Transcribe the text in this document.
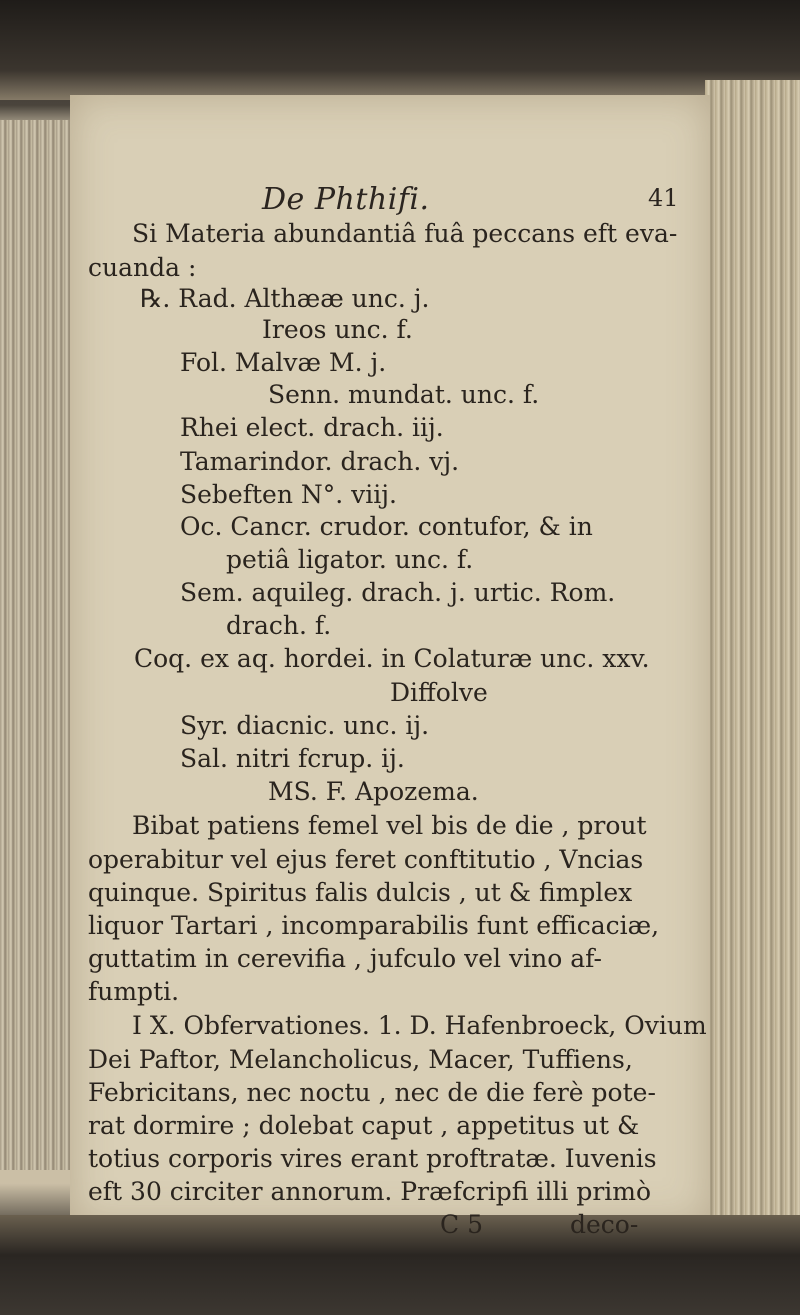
De Phthifi.	41
Si Materia abundantiâ fuâ peccans eft eva-
cuanda :
℞. Rad. Althææ unc. j.
Ireos unc. f.
Fol. Malvæ M. j.
Senn. mundat. unc. f.
Rhei elect. drach. iij.
Tamarindor. drach. vj.
Sebeften N°. viij.
Oc. Cancr. crudor. contufor, & in
petiâ ligator. unc. f.
Sem. aquileg. drach. j. urtic. Rom.
drach. f.
Coq. ex aq. hordei. in Colaturæ unc. xxv.
Diffolve
Syr. diacnic. unc. ij.
Sal. nitri fcrup. ij.
MS. F. Apozema.
Bibat patiens femel vel bis de die , prout
operabitur vel ejus feret conftitutio , Vncias
quinque. Spiritus falis dulcis , ut & fimplex
liquor Tartari , incomparabilis funt efficaciæ,
guttatim in cerevifia , jufculo vel vino af-
fumpti.
I X. Obfervationes. 1. D. Hafenbroeck, Ovium
Dei Paftor, Melancholicus, Macer, Tuffiens,
Febricitans, nec noctu , nec de die ferè pote-
rat dormire ; dolebat caput , appetitus ut &
totius corporis vires erant proftratæ. Iuvenis
eft 30 circiter annorum. Præfcripfi illi primò
C 5	deco-
